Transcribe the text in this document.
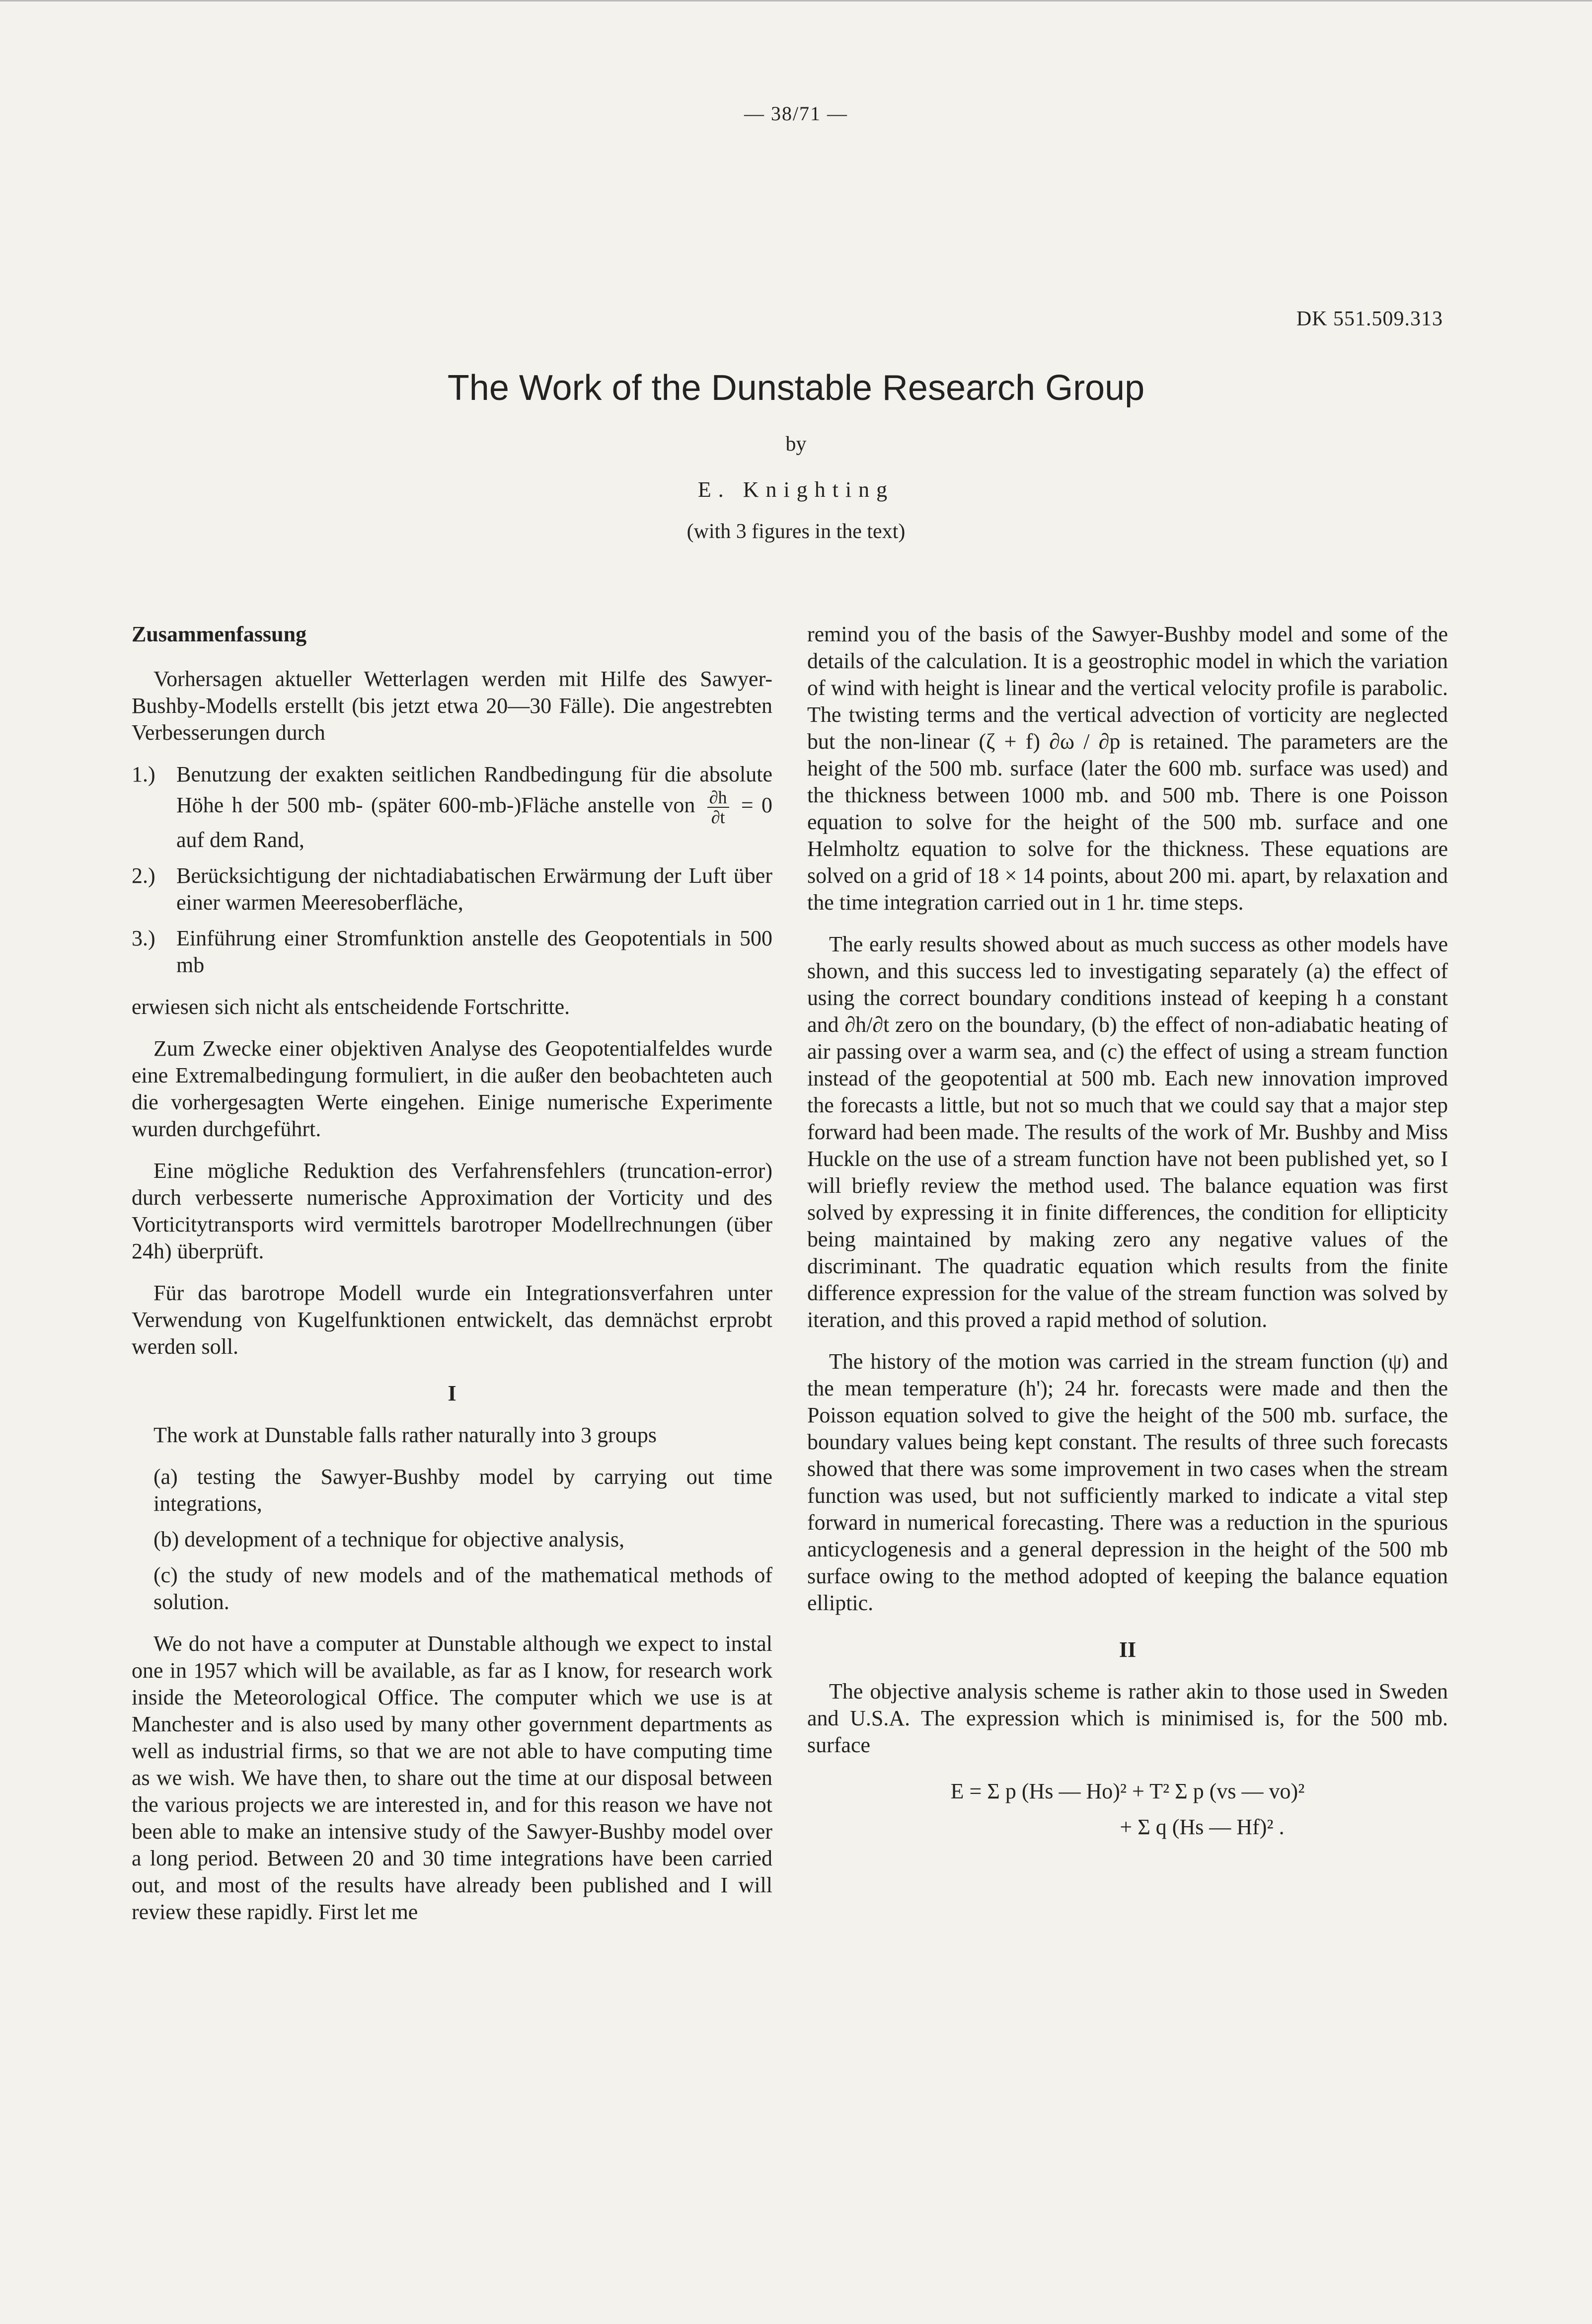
— 38/71 —
DK 551.509.313
The Work of the Dunstable Research Group
by
E. Knighting
(with 3 figures in the text)
Zusammenfassung

Vorhersagen aktueller Wetterlagen werden mit Hilfe des Sawyer-Bushby-Modells erstellt (bis jetzt etwa 20—30 Fälle). Die angestrebten Verbesserungen durch

1.) Benutzung der exakten seitlichen Randbedingung für die absolute Höhe h der 500 mb- (später 600-mb-)Fläche anstelle von $\frac{\partial h}{\partial t} = 0$ auf dem Rand,
2.) Berücksichtigung der nichtadiabatischen Erwärmung der Luft über einer warmen Meeresoberfläche,
3.) Einführung einer Stromfunktion anstelle des Geopotentials in 500 mb

erwiesen sich nicht als entscheidende Fortschritte.

Zum Zwecke einer objektiven Analyse des Geopotentialfeldes wurde eine Extremalbedingung formuliert, in die außer den beobachteten auch die vorhergesagten Werte eingehen. Einige numerische Experimente wurden durchgeführt.

Eine mögliche Reduktion des Verfahrensfehlers (truncation-error) durch verbesserte numerische Approximation der Vorticity und des Vorticitytransports wird vermittels barotroper Modellrechnungen (über 24h) überprüft.

Für das barotrope Modell wurde ein Integrationsverfahren unter Verwendung von Kugelfunktionen entwickelt, das demnächst erprobt werden soll.

I

The work at Dunstable falls rather naturally into 3 groups

(a) testing the Sawyer-Bushby model by carrying out time integrations,
(b) development of a technique for objective analysis,
(c) the study of new models and of the mathematical methods of solution.

We do not have a computer at Dunstable although we expect to instal one in 1957 which will be available, as far as I know, for research work inside the Meteorological Office. The computer which we use is at Manchester and is also used by many other government departments as well as industrial firms, so that we are not able to have computing time as we wish. We have then, to share out the time at our disposal between the various projects we are interested in, and for this reason we have not been able to make an intensive study of the Sawyer-Bushby model over a long period. Between 20 and 30 time integrations have been carried out, and most of the results have already been published and I will review these rapidly. First let me

remind you of the basis of the Sawyer-Bushby model and some of the details of the calculation. It is a geostrophic model in which the variation of wind with height is linear and the vertical velocity profile is parabolic. The twisting terms and the vertical advection of vorticity are neglected but the non-linear (ζ + f) ∂ω / ∂p is retained. The parameters are the height of the 500 mb. surface (later the 600 mb. surface was used) and the thickness between 1000 mb. and 500 mb. There is one Poisson equation to solve for the height of the 500 mb. surface and one Helmholtz equation to solve for the thickness. These equations are solved on a grid of 18 × 14 points, about 200 mi. apart, by relaxation and the time integration carried out in 1 hr. time steps.

The early results showed about as much success as other models have shown, and this success led to investigating separately (a) the effect of using the correct boundary conditions instead of keeping h a constant and ∂h/∂t zero on the boundary, (b) the effect of non-adiabatic heating of air passing over a warm sea, and (c) the effect of using a stream function instead of the geopotential at 500 mb. Each new innovation improved the forecasts a little, but not so much that we could say that a major step forward had been made. The results of the work of Mr. Bushby and Miss Huckle on the use of a stream function have not been published yet, so I will briefly review the method used. The balance equation was first solved by expressing it in finite differences, the condition for ellipticity being maintained by making zero any negative values of the discriminant. The quadratic equation which results from the finite difference expression for the value of the stream function was solved by iteration, and this proved a rapid method of solution.

The history of the motion was carried in the stream function (ψ) and the mean temperature (h'); 24 hr. forecasts were made and then the Poisson equation solved to give the height of the 500 mb. surface, the boundary values being kept constant. The results of three such forecasts showed that there was some improvement in two cases when the stream function was used, but not sufficiently marked to indicate a vital step forward in numerical forecasting. There was a reduction in the spurious anticyclogenesis and a general depression in the height of the 500 mb surface owing to the method adopted of keeping the balance equation elliptic.

II

The objective analysis scheme is rather akin to those used in Sweden and U.S.A. The expression which is minimised is, for the 500 mb. surface

E = Σ p (Hs — Ho)² + T² Σ p (vs — vo)²
+ Σ q (Hs — Hf)² .
